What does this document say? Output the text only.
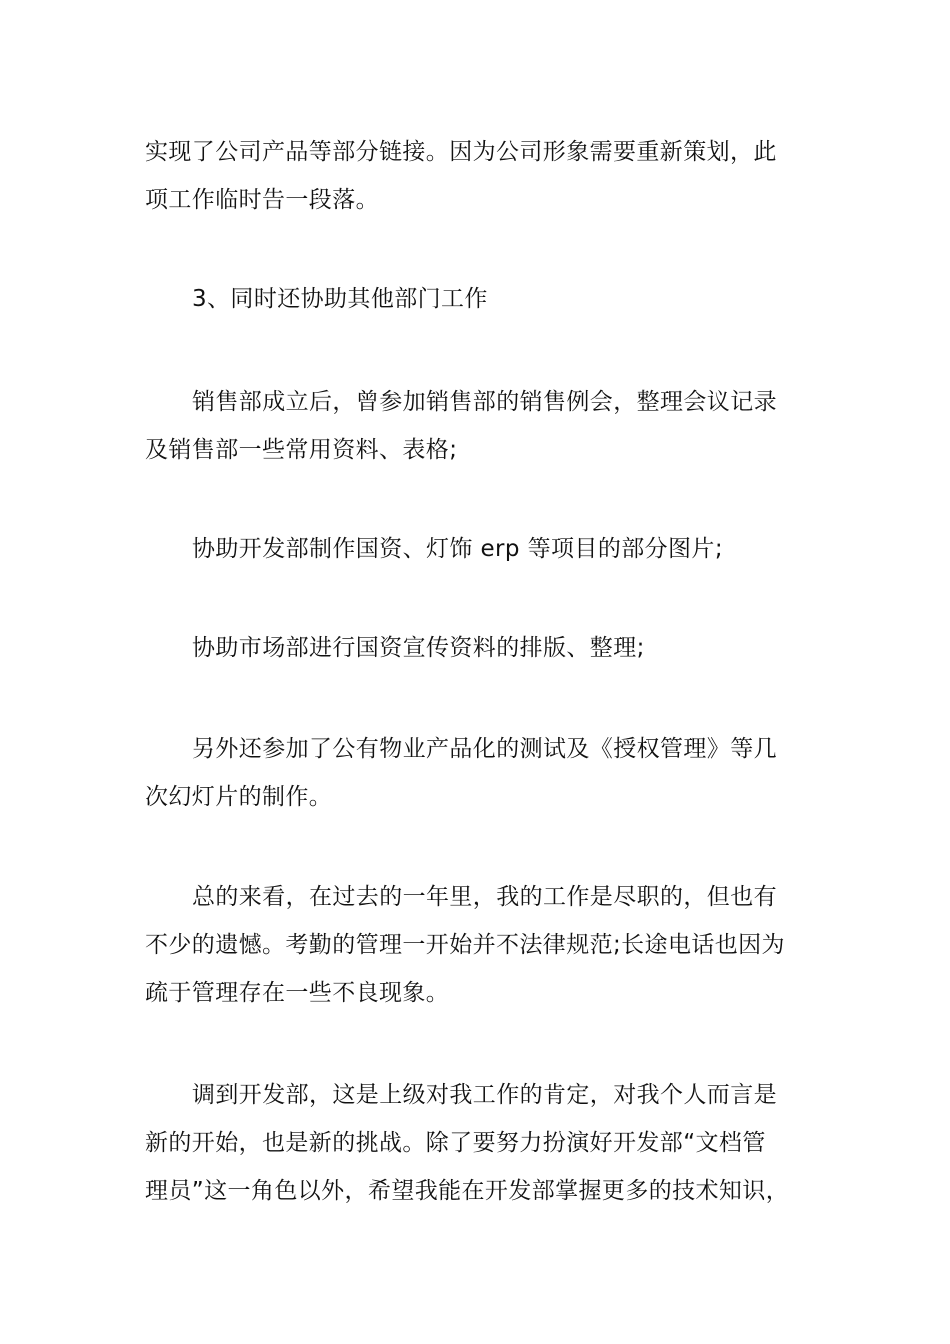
实现了公司产品等部分链接。因为公司形象需要重新策划，此
项工作临时告一段落。

3、同时还协助其他部门工作

销售部成立后，曾参加销售部的销售例会，整理会议记录
及销售部一些常用资料、表格;

协助开发部制作国资、灯饰 erp 等项目的部分图片;

协助市场部进行国资宣传资料的排版、整理;

另外还参加了公有物业产品化的测试及《授权管理》等几
次幻灯片的制作。

总的来看，在过去的一年里，我的工作是尽职的，但也有
不少的遗憾。考勤的管理一开始并不法律规范;长途电话也因为
疏于管理存在一些不良现象。

调到开发部，这是上级对我工作的肯定，对我个人而言是
新的开始，也是新的挑战。除了要努力扮演好开发部“文档管
理员”这一角色以外，希望我能在开发部掌握更多的技术知识，
